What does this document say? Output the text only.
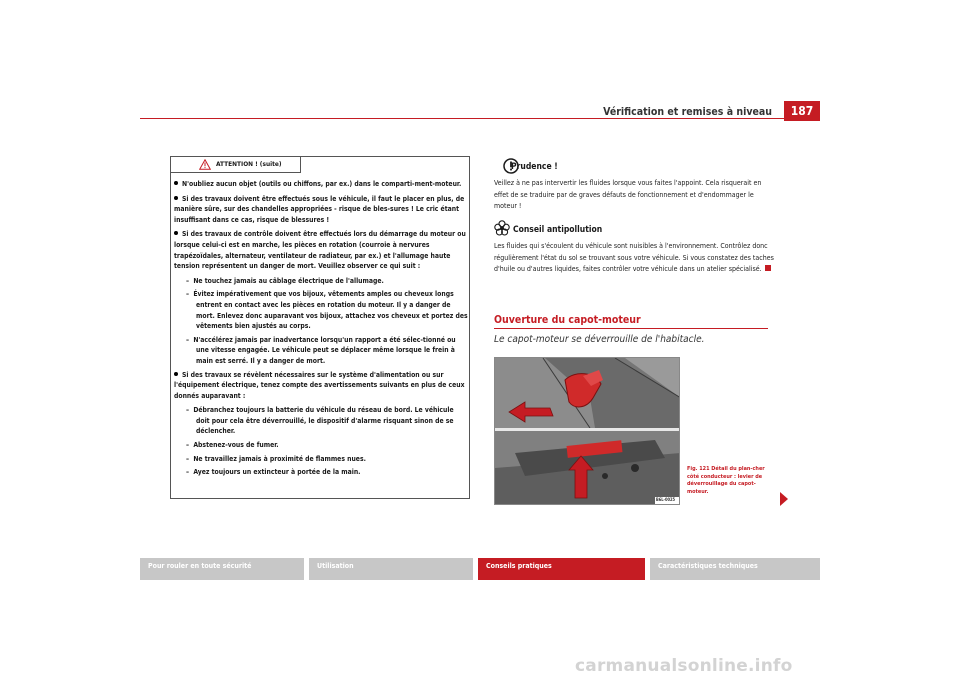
Vérification et remises à niveau	187
ATTENTION ! (suite)

N'oubliez aucun objet (outils ou chiffons, par ex.) dans le comparti-ment-moteur.

Si des travaux doivent être effectués sous le véhicule, il faut le placer en plus, de manière sûre, sur des chandelles appropriées - risque de bles-sures ! Le cric étant insuffisant dans ce cas, risque de blessures !

Si des travaux de contrôle doivent être effectués lors du démarrage du moteur ou lorsque celui-ci est en marche, les pièces en rotation (courroie à nervures trapézoïdales, alternateur, ventilateur de radiateur, par ex.) et l'allumage haute tension représentent un danger de mort. Veuillez observer ce qui suit :

–  Ne touchez jamais au câblage électrique de l'allumage.

–  Évitez impérativement que vos bijoux, vêtements amples ou cheveux longs entrent en contact avec les pièces en rotation du moteur. Il y a danger de mort. Enlevez donc auparavant vos bijoux, attachez vos cheveux et portez des vêtements bien ajustés au corps.

–  N'accélérez jamais par inadvertance lorsqu'un rapport a été sélec-tionné ou une vitesse engagée. Le véhicule peut se déplacer même lorsque le frein à main est serré. Il y a danger de mort.

Si des travaux se révèlent nécessaires sur le système d'alimentation ou sur l'équipement électrique, tenez compte des avertissements suivants en plus de ceux donnés auparavant :

–  Débranchez toujours la batterie du véhicule du réseau de bord. Le véhicule doit pour cela être déverrouillé, le dispositif d'alarme risquant sinon de se déclencher.

–  Abstenez-vous de fumer.

–  Ne travaillez jamais à proximité de flammes nues.

–  Ayez toujours un extincteur à portée de la main.

Prudence !
Veillez à ne pas intervertir les fluides lorsque vous faites l'appoint. Cela risquerait en effet de se traduire par de graves défauts de fonctionnement et d'endommager le moteur !
Conseil antipollution
Les fluides qui s'écoulent du véhicule sont nuisibles à l'environnement. Contrôlez donc régulièrement l'état du sol se trouvant sous votre véhicule. Si vous constatez des taches d'huile ou d'autres liquides, faites contrôler votre véhicule dans un atelier spécialisé.
Ouverture du capot-moteur
Le capot-moteur se déverrouille de l'habitacle.
B6L-0025
Fig. 121 Détail du plan-cher côté conducteur : levier de déverrouillage du capot-moteur.
Pour rouler en toute sécurité	Utilisation	Conseils pratiques	Caractéristiques techniques
carmanualsonline.info
